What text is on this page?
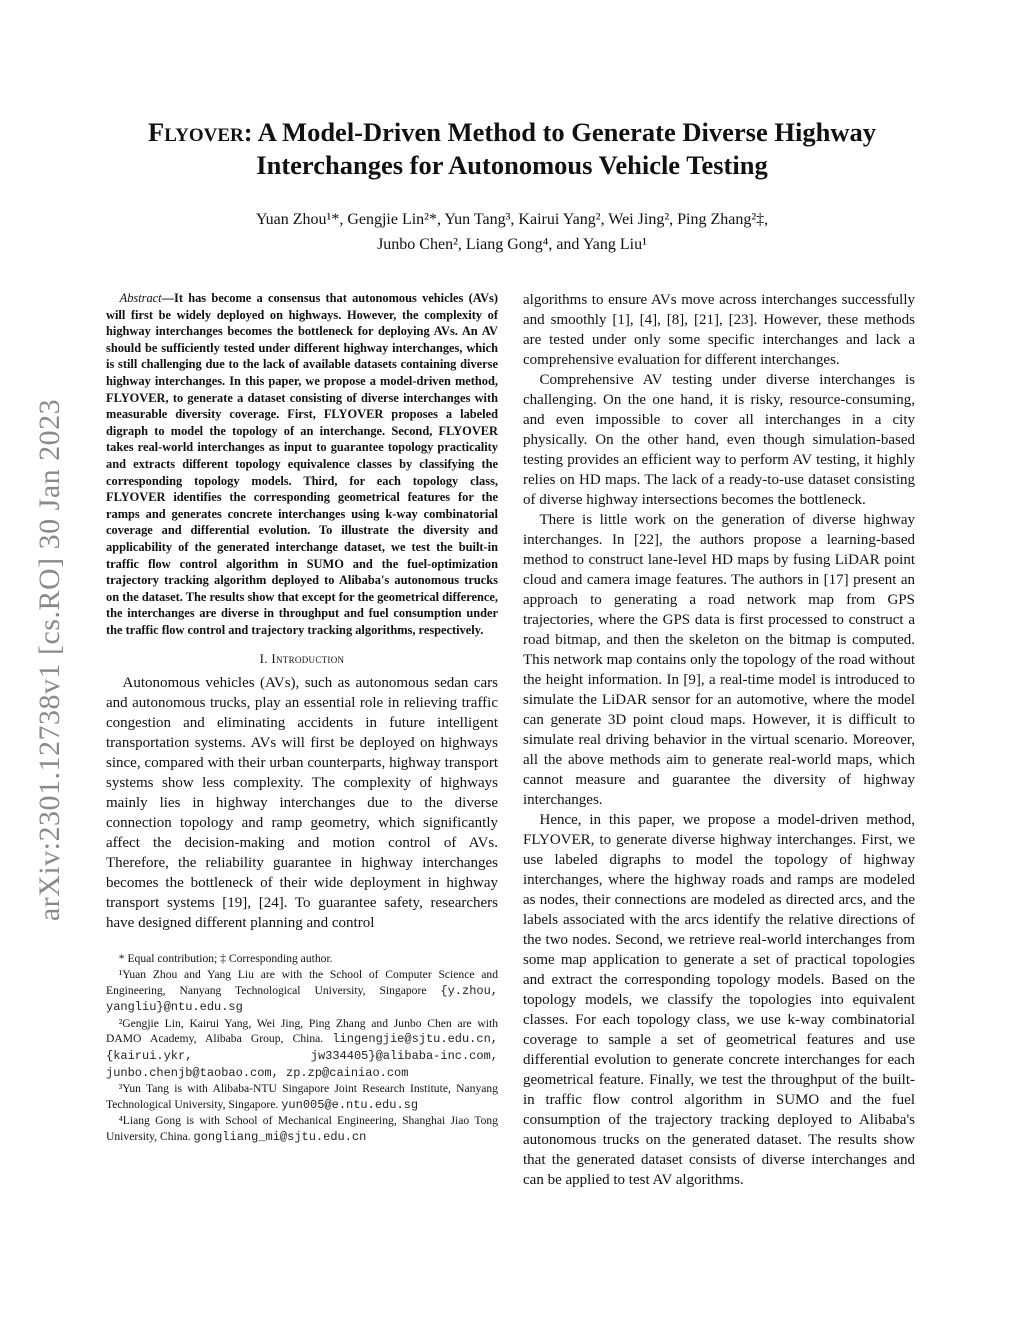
arXiv:2301.12738v1 [cs.RO] 30 Jan 2023
Flyover: A Model-Driven Method to Generate Diverse Highway
Interchanges for Autonomous Vehicle Testing

Yuan Zhou¹*, Gengjie Lin²*, Yun Tang³, Kairui Yang², Wei Jing², Ping Zhang²‡,

Junbo Chen², Liang Gong⁴, and Yang Liu¹

Abstract—It has become a consensus that autonomous vehicles (AVs) will first be widely deployed on highways. However, the complexity of highway interchanges becomes the bottleneck for deploying AVs. An AV should be sufficiently tested under different highway interchanges, which is still challenging due to the lack of available datasets containing diverse highway interchanges. In this paper, we propose a model-driven method, FLYOVER, to generate a dataset consisting of diverse interchanges with measurable diversity coverage. First, FLYOVER proposes a labeled digraph to model the topology of an interchange. Second, FLYOVER takes real-world interchanges as input to guarantee topology practicality and extracts different topology equivalence classes by classifying the corresponding topology models. Third, for each topology class, FLYOVER identifies the corresponding geometrical features for the ramps and generates concrete interchanges using k-way combinatorial coverage and differential evolution. To illustrate the diversity and applicability of the generated interchange dataset, we test the built-in traffic flow control algorithm in SUMO and the fuel-optimization trajectory tracking algorithm deployed to Alibaba's autonomous trucks on the dataset. The results show that except for the geometrical difference, the interchanges are diverse in throughput and fuel consumption under the traffic flow control and trajectory tracking algorithms, respectively.

I. Introduction

Autonomous vehicles (AVs), such as autonomous sedan cars and autonomous trucks, play an essential role in relieving traffic congestion and eliminating accidents in future intelligent transportation systems. AVs will first be deployed on highways since, compared with their urban counterparts, highway transport systems show less complexity. The complexity of highways mainly lies in highway interchanges due to the diverse connection topology and ramp geometry, which significantly affect the decision-making and motion control of AVs. Therefore, the reliability guarantee in highway interchanges becomes the bottleneck of their wide deployment in highway transport systems [19], [24]. To guarantee safety, researchers have designed different planning and control

* Equal contribution; ‡ Corresponding author.

¹Yuan Zhou and Yang Liu are with the School of Computer Science and Engineering, Nanyang Technological University, Singapore {y.zhou, yangliu}@ntu.edu.sg

²Gengjie Lin, Kairui Yang, Wei Jing, Ping Zhang and Junbo Chen are with DAMO Academy, Alibaba Group, China. lingengjie@sjtu.edu.cn, {kairui.ykr, jw334405}@alibaba-inc.com, junbo.chenjb@taobao.com, zp.zp@cainiao.com

³Yun Tang is with Alibaba-NTU Singapore Joint Research Institute, Nanyang Technological University, Singapore. yun005@e.ntu.edu.sg

⁴Liang Gong is with School of Mechanical Engineering, Shanghai Jiao Tong University, China. gongliang_mi@sjtu.edu.cn

algorithms to ensure AVs move across interchanges successfully and smoothly [1], [4], [8], [21], [23]. However, these methods are tested under only some specific interchanges and lack a comprehensive evaluation for different interchanges.

Comprehensive AV testing under diverse interchanges is challenging. On the one hand, it is risky, resource-consuming, and even impossible to cover all interchanges in a city physically. On the other hand, even though simulation-based testing provides an efficient way to perform AV testing, it highly relies on HD maps. The lack of a ready-to-use dataset consisting of diverse highway intersections becomes the bottleneck.

There is little work on the generation of diverse highway interchanges. In [22], the authors propose a learning-based method to construct lane-level HD maps by fusing LiDAR point cloud and camera image features. The authors in [17] present an approach to generating a road network map from GPS trajectories, where the GPS data is first processed to construct a road bitmap, and then the skeleton on the bitmap is computed. This network map contains only the topology of the road without the height information. In [9], a real-time model is introduced to simulate the LiDAR sensor for an automotive, where the model can generate 3D point cloud maps. However, it is difficult to simulate real driving behavior in the virtual scenario. Moreover, all the above methods aim to generate real-world maps, which cannot measure and guarantee the diversity of highway interchanges.

Hence, in this paper, we propose a model-driven method, FLYOVER, to generate diverse highway interchanges. First, we use labeled digraphs to model the topology of highway interchanges, where the highway roads and ramps are modeled as nodes, their connections are modeled as directed arcs, and the labels associated with the arcs identify the relative directions of the two nodes. Second, we retrieve real-world interchanges from some map application to generate a set of practical topologies and extract the corresponding topology models. Based on the topology models, we classify the topologies into equivalent classes. For each topology class, we use k-way combinatorial coverage to sample a set of geometrical features and use differential evolution to generate concrete interchanges for each geometrical feature. Finally, we test the throughput of the built-in traffic flow control algorithm in SUMO and the fuel consumption of the trajectory tracking deployed to Alibaba's autonomous trucks on the generated dataset. The results show that the generated dataset consists of diverse interchanges and can be applied to test AV algorithms.
